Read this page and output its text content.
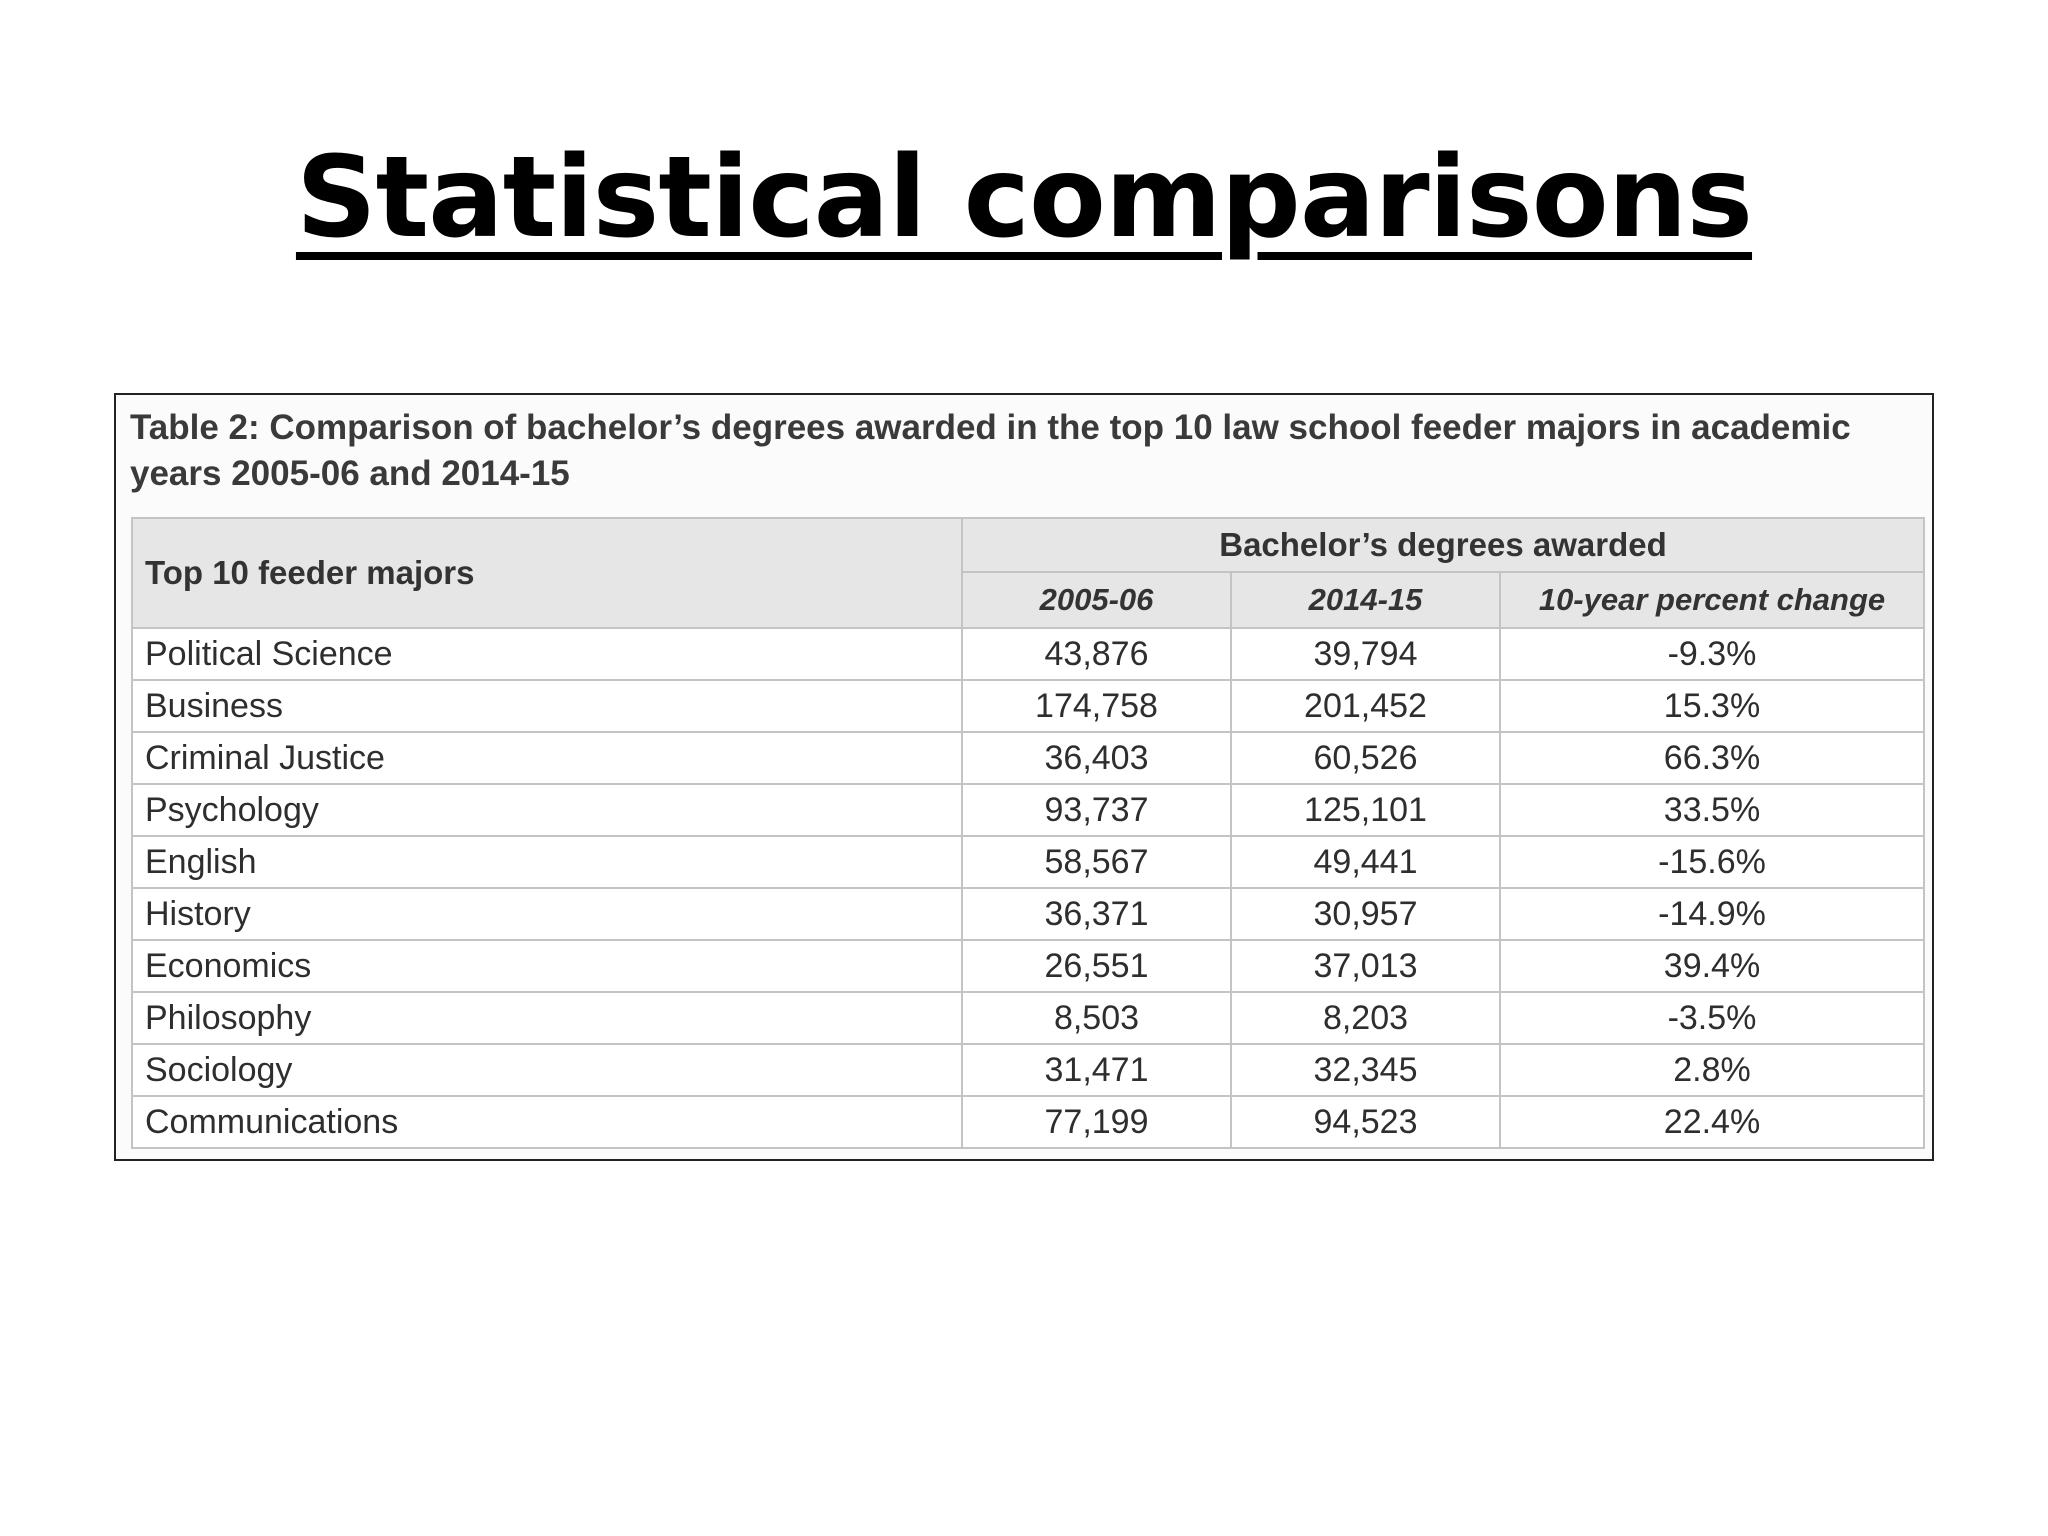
Statistical comparisons
Table 2: Comparison of bachelor’s degrees awarded in the top 10 law school feeder majors in academic years 2005-06 and 2014-15
Top 10 feeder majors	Bachelor’s degrees awarded		
	2005-06	2014-15	10-year percent change
Political Science	43,876	39,794	-9.3%
Business	174,758	201,452	15.3%
Criminal Justice	36,403	60,526	66.3%
Psychology	93,737	125,101	33.5%
English	58,567	49,441	-15.6%
History	36,371	30,957	-14.9%
Economics	26,551	37,013	39.4%
Philosophy	8,503	8,203	-3.5%
Sociology	31,471	32,345	2.8%
Communications	77,199	94,523	22.4%
